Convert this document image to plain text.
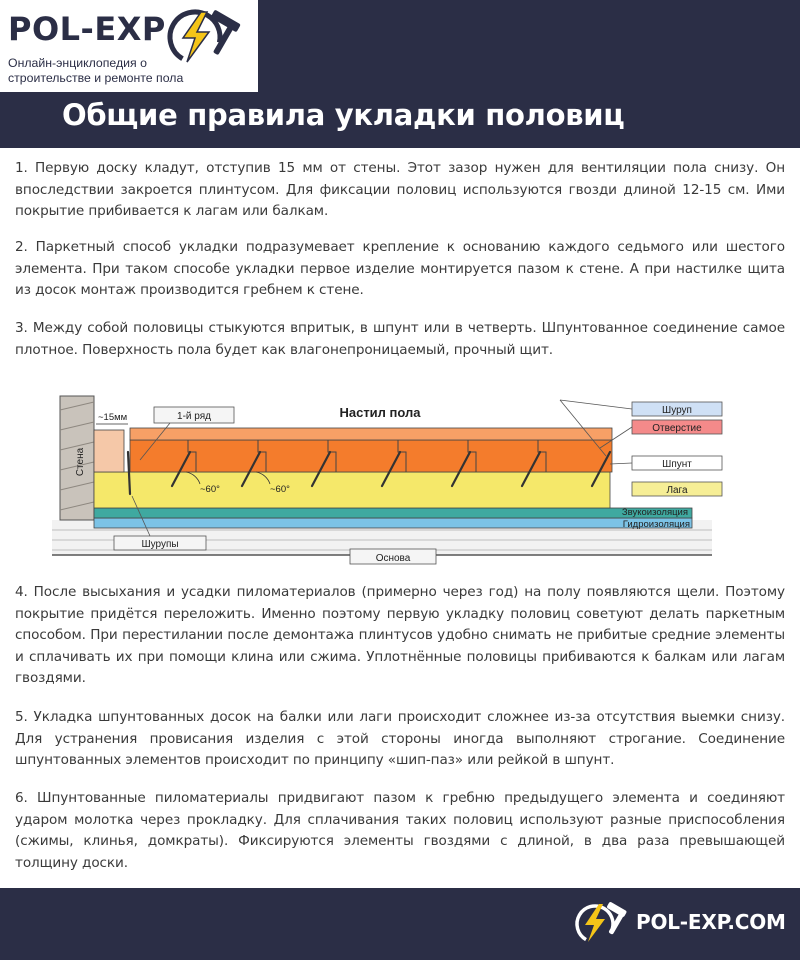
POL-EXP
Онлайн-энциклопедия о строительстве и ремонте пола
Общие правила укладки половиц
1. Первую доску кладут, отступив 15 мм от стены. Этот зазор нужен для вентиляции пола снизу. Он впоследствии закроется плинтусом. Для фиксации половиц используются гвозди длиной 12-15 см. Ими покрытие прибивается к лагам или балкам.
2. Паркетный способ укладки подразумевает крепление к основанию каждого седьмого или шестого элемента. При таком способе укладки первое изделие монтируется пазом к стене. А при настилке щита из досок монтаж производится гребнем к стене.
3. Между собой половицы стыкуются впритык, в шпунт или в четверть. Шпунтованное соединение самое плотное. Поверхность пола будет как влагонепроницаемый, прочный щит.
Стена
~60°	~60°
~15мм	Настил пола
1-й ряд
Шурупы
Основа
Шуруп
Отверстие
Шпунт
Лага
Звукоизоляция
Гидроизоляция
4. После высыхания и усадки пиломатериалов (примерно через год) на полу появляются щели. Поэтому покрытие придётся переложить. Именно поэтому первую укладку половиц советуют делать паркетным способом. При перестилании после демонтажа плинтусов удобно снимать не прибитые средние элементы и сплачивать их при помощи клина или сжима. Уплотнённые половицы прибиваются к балкам или лагам гвоздями.
5. Укладка шпунтованных досок на балки или лаги происходит сложнее из-за отсутствия выемки снизу. Для устранения провисания изделия с этой стороны иногда выполняют строгание. Соединение шпунтованных элементов происходит по принципу «шип-паз» или рейкой в шпунт.
6. Шпунтованные пиломатериалы придвигают пазом к гребню предыдущего элемента и соединяют ударом молотка через прокладку. Для сплачивания таких половиц используют разные приспособления (сжимы, клинья, домкраты). Фиксируются элементы гвоздями с длиной, в два раза превышающей толщину доски.
POL-EXP.COM
